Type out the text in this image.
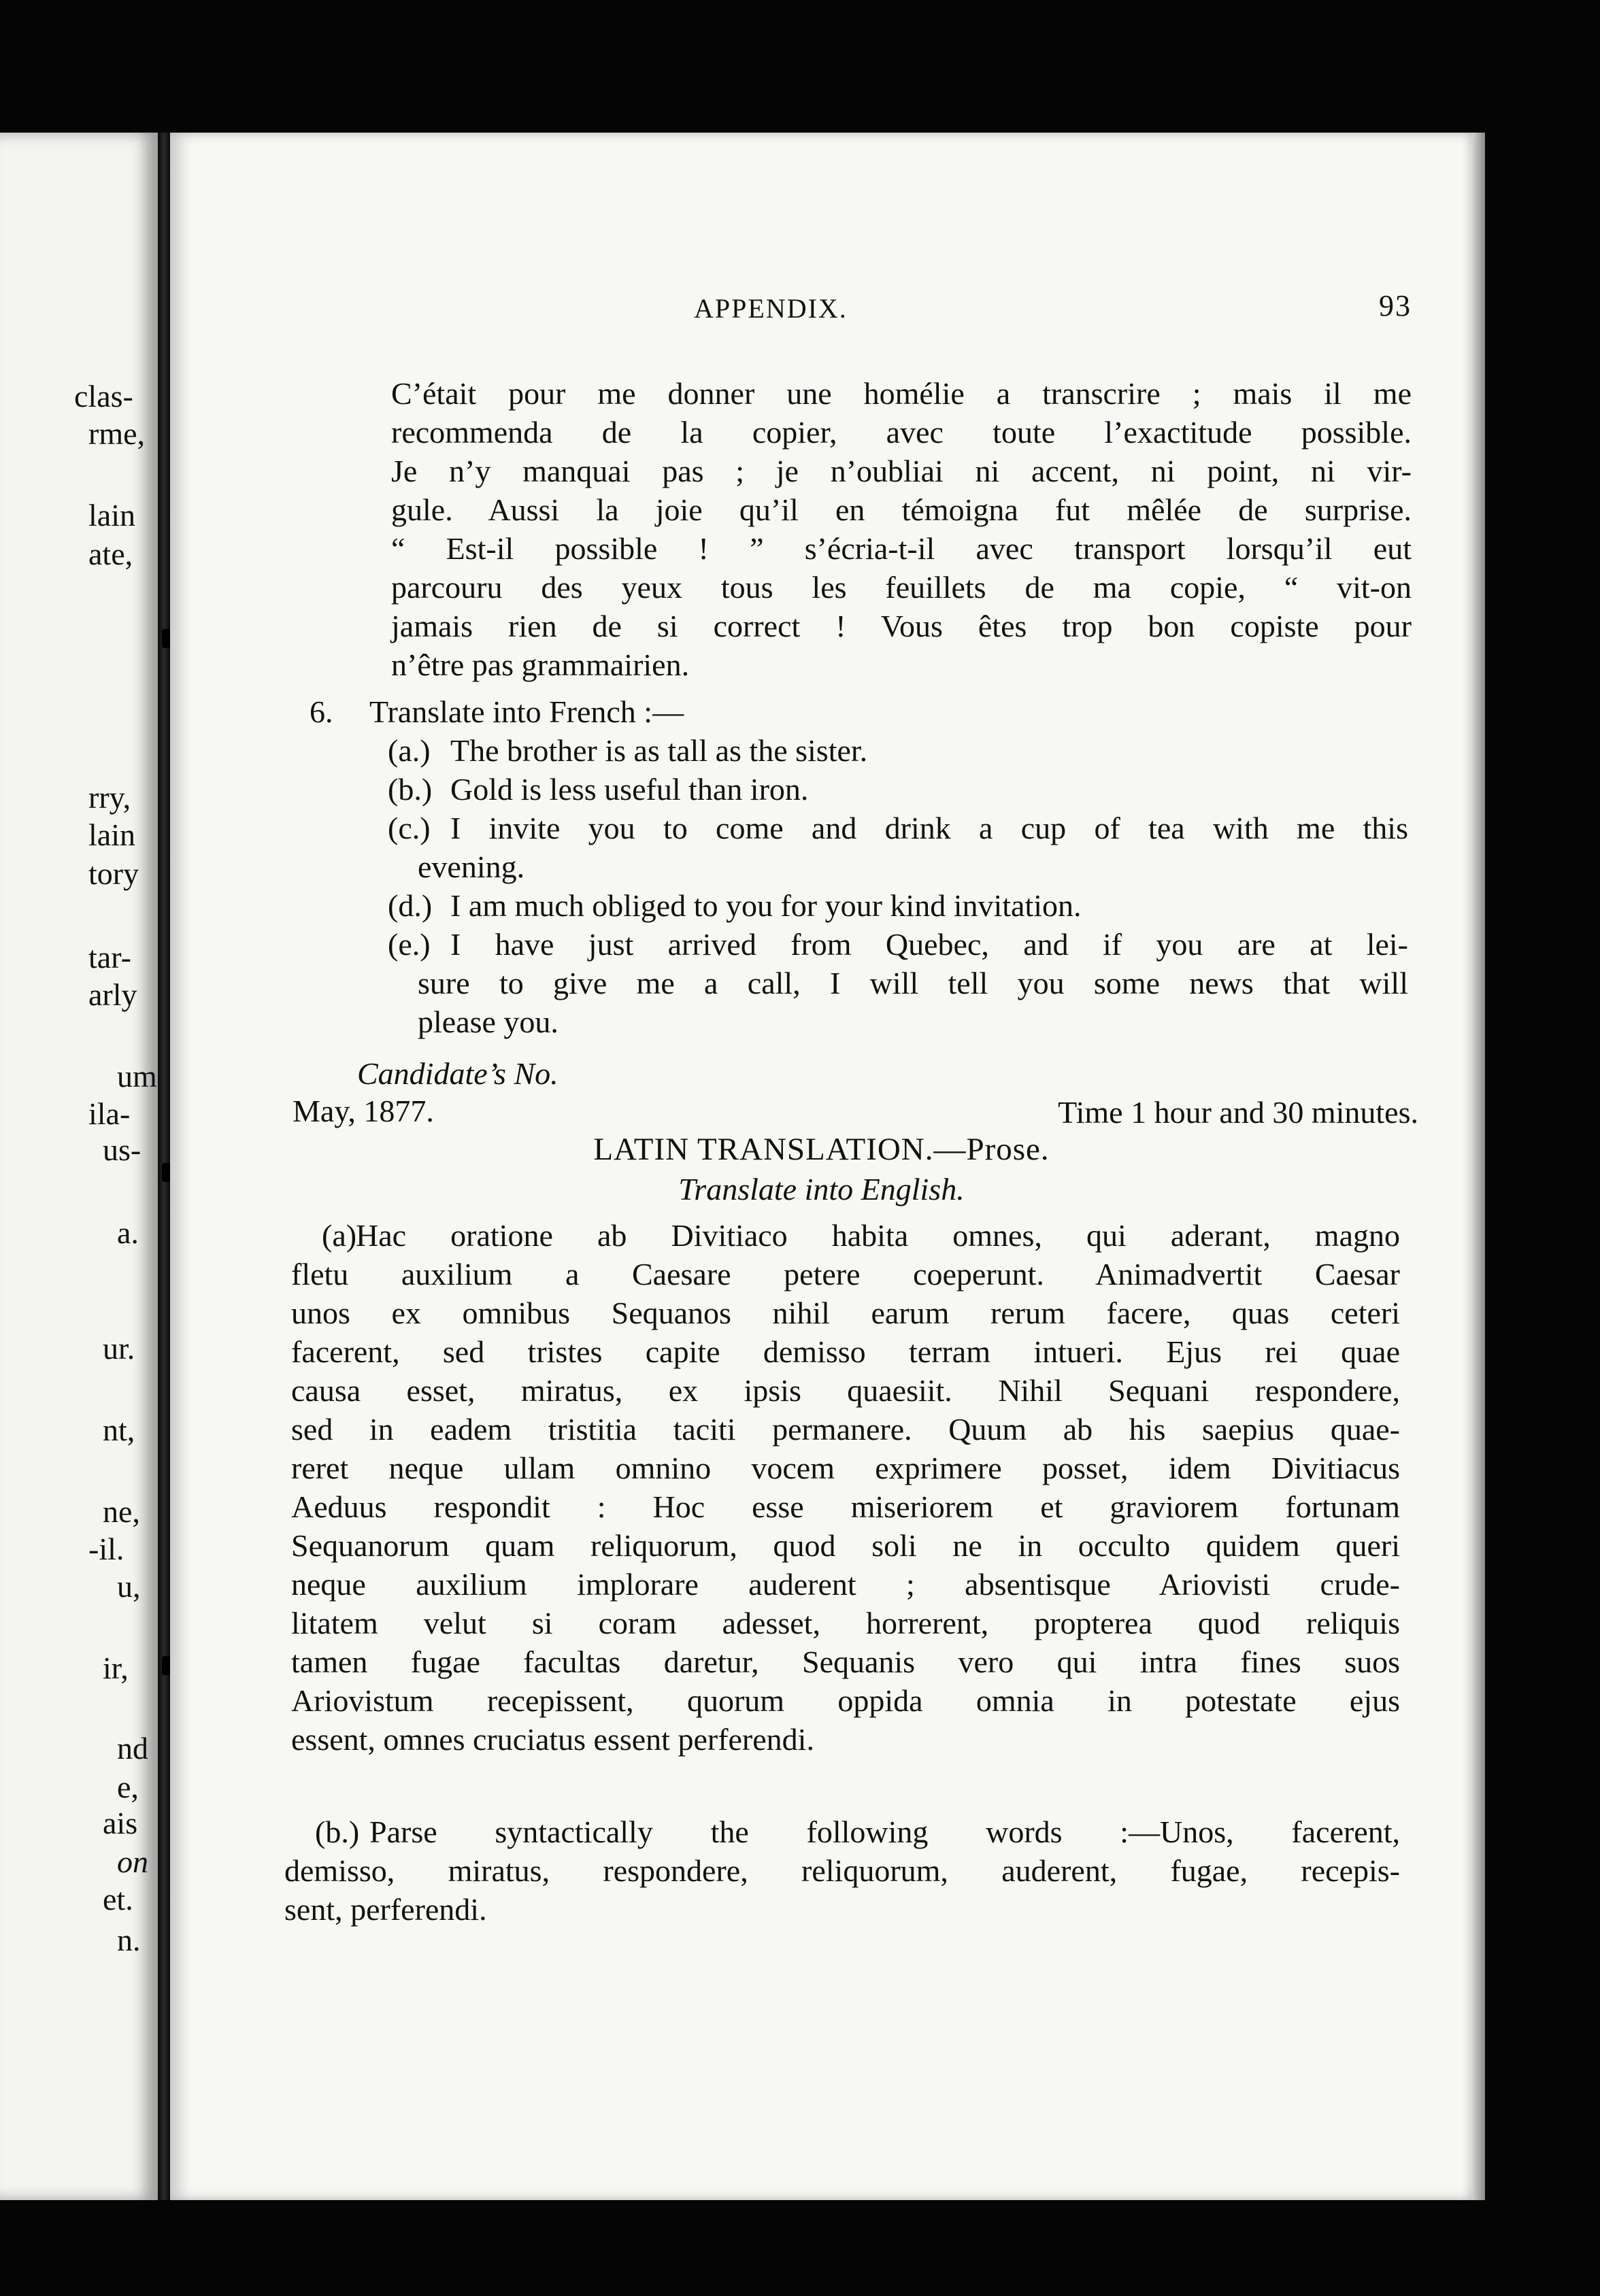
clas-
rme,
lain
ate,
rry,
lain
tory
tar-
arly
um
ila-
us-
a.
ur.
nt,
ne,
-il.
u,
ir,
nd
e,
ais
on
et.
n.
APPENDIX.	93
C’était pour me donner une homélie a transcrire ; mais il me
recommenda de la copier, avec toute l’exactitude possible.
Je n’y manquai pas ; je n’oubliai ni accent, ni point, ni vir-
gule. Aussi la joie qu’il en témoigna fut mêlée de surprise.
“ Est-il possible ! ” s’écria-t-il avec transport lorsqu’il eut
parcouru des yeux tous les feuillets de ma copie, “ vit-on
jamais rien de si correct ! Vous êtes trop bon copiste pour
n’être pas grammairien.
6. Translate into French :—
(a.) The brother is as tall as the sister.
(b.) Gold is less useful than iron.
(c.) I invite you to come and drink a cup of tea with me this
evening.
(d.) I am much obliged to you for your kind invitation.
(e.) I have just arrived from Quebec, and if you are at lei-
sure to give me a call, I will tell you some news that will
please you.
Candidate’s No.
May, 1877.	Time 1 hour and 30 minutes.
LATIN TRANSLATION.—Prose.
Translate into English.
(a)
Hac oratione ab Divitiaco habita omnes, qui aderant, magno
fletu auxilium a Caesare petere coeperunt. Animadvertit Caesar
unos ex omnibus Sequanos nihil earum rerum facere, quas ceteri
facerent, sed tristes capite demisso terram intueri. Ejus rei quae
causa esset, miratus, ex ipsis quaesiit. Nihil Sequani respondere,
sed in eadem tristitia taciti permanere. Quum ab his saepius quae-
reret neque ullam omnino vocem exprimere posset, idem Divitiacus
Aeduus respondit : Hoc esse miseriorem et graviorem fortunam
Sequanorum quam reliquorum, quod soli ne in occulto quidem queri
neque auxilium implorare auderent ; absentisque Ariovisti crude-
litatem velut si coram adesset, horrerent, propterea quod reliquis
tamen fugae facultas daretur, Sequanis vero qui intra fines suos
Ariovistum recepissent, quorum oppida omnia in potestate ejus
essent, omnes cruciatus essent perferendi.
(b.) Parse syntactically the following words :—Unos, facerent,
demisso, miratus, respondere, reliquorum, auderent, fugae, recepis-
sent, perferendi.
